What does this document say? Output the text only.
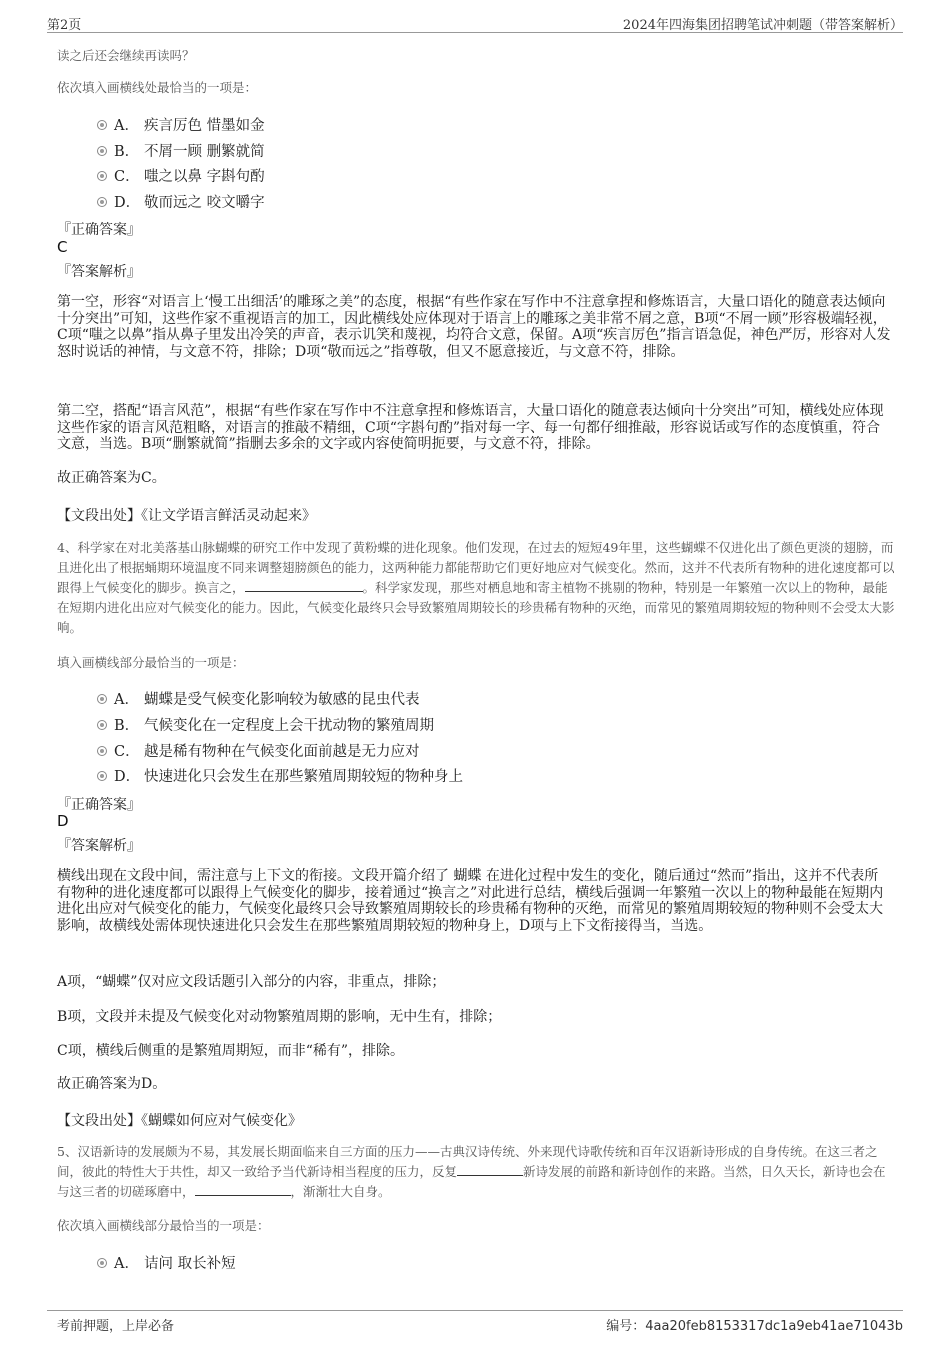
第2页	2024年四海集团招聘笔试冲刺题（带答案解析）
读之后还会继续再读吗？
依次填入画横线处最恰当的一项是：
A． 疾言厉色 惜墨如金
B． 不屑一顾 删繁就简
C． 嗤之以鼻 字斟句酌
D． 敬而远之 咬文嚼字
『正确答案』
C
『答案解析』
第一空，形容“对语言上‘慢工出细活’的雕琢之美”的态度，根据“有些作家在写作中不注意拿捏和修炼语言，大量口语化的随意表达倾向十分突出”可知，这些作家不重视语言的加工，因此横线处应体现对于语言上的雕琢之美非常不屑之意，B项“不屑一顾”形容极端轻视，C项“嗤之以鼻”指从鼻子里发出冷笑的声音，表示讥笑和蔑视，均符合文意，保留。A项“疾言厉色”指言语急促，神色严厉，形容对人发怒时说话的神情，与文意不符，排除；D项“敬而远之”指尊敬，但又不愿意接近，与文意不符，排除。
第二空，搭配“语言风范”，根据“有些作家在写作中不注意拿捏和修炼语言，大量口语化的随意表达倾向十分突出”可知，横线处应体现这些作家的语言风范粗略，对语言的推敲不精细，C项“字斟句酌”指对每一字、每一句都仔细推敲，形容说话或写作的态度慎重，符合文意，当选。B项“删繁就简”指删去多余的文字或内容使简明扼要，与文意不符，排除。
故正确答案为C。
【文段出处】《让文学语言鲜活灵动起来》
4、科学家在对北美落基山脉蝴蝶的研究工作中发现了黄粉蝶的进化现象。他们发现，在过去的短短49年里，这些蝴蝶不仅进化出了颜色更淡的翅膀，而且进化出了根据蛹期环境温度不同来调整翅膀颜色的能力，这两种能力都能帮助它们更好地应对气候变化。然而，这并不代表所有物种的进化速度都可以跟得上气候变化的脚步。换言之，	。科学家发现，那些对栖息地和寄主植物不挑剔的物种，特别是一年繁殖一次以上的物种，最能在短期内进化出应对气候变化的能力。因此，气候变化最终只会导致繁殖周期较长的珍贵稀有物种的灭绝，而常见的繁殖周期较短的物种则不会受太大影响。
填入画横线部分最恰当的一项是：
A． 蝴蝶是受气候变化影响较为敏感的昆虫代表
B． 气候变化在一定程度上会干扰动物的繁殖周期
C． 越是稀有物种在气候变化面前越是无力应对
D． 快速进化只会发生在那些繁殖周期较短的物种身上
『正确答案』
D
『答案解析』
横线出现在文段中间，需注意与上下文的衔接。文段开篇介绍了 蝴蝶 在进化过程中发生的变化，随后通过“然而”指出，这并不代表所有物种的进化速度都可以跟得上气候变化的脚步，接着通过“换言之”对此进行总结，横线后强调一年繁殖一次以上的物种最能在短期内进化出应对气候变化的能力，气候变化最终只会导致繁殖周期较长的珍贵稀有物种的灭绝，而常见的繁殖周期较短的物种则不会受太大影响，故横线处需体现快速进化只会发生在那些繁殖周期较短的物种身上，D项与上下文衔接得当，当选。
A项，“蝴蝶”仅对应文段话题引入部分的内容，非重点，排除；
B项，文段并未提及气候变化对动物繁殖周期的影响，无中生有，排除；
C项，横线后侧重的是繁殖周期短，而非“稀有”，排除。
故正确答案为D。
【文段出处】《蝴蝶如何应对气候变化》
5、汉语新诗的发展颇为不易，其发展长期面临来自三方面的压力——古典汉诗传统、外来现代诗歌传统和百年汉语新诗形成的自身传统。在这三者之间，彼此的特性大于共性，却又一致给予当代新诗相当程度的压力，反复	新诗发展的前路和新诗创作的来路。当然，日久天长，新诗也会在与这三者的切磋琢磨中，	，渐渐壮大自身。
依次填入画横线部分最恰当的一项是：
A． 诘问 取长补短
考前押题，上岸必备	编号：4aa20feb8153317dc1a9eb41ae71043b
